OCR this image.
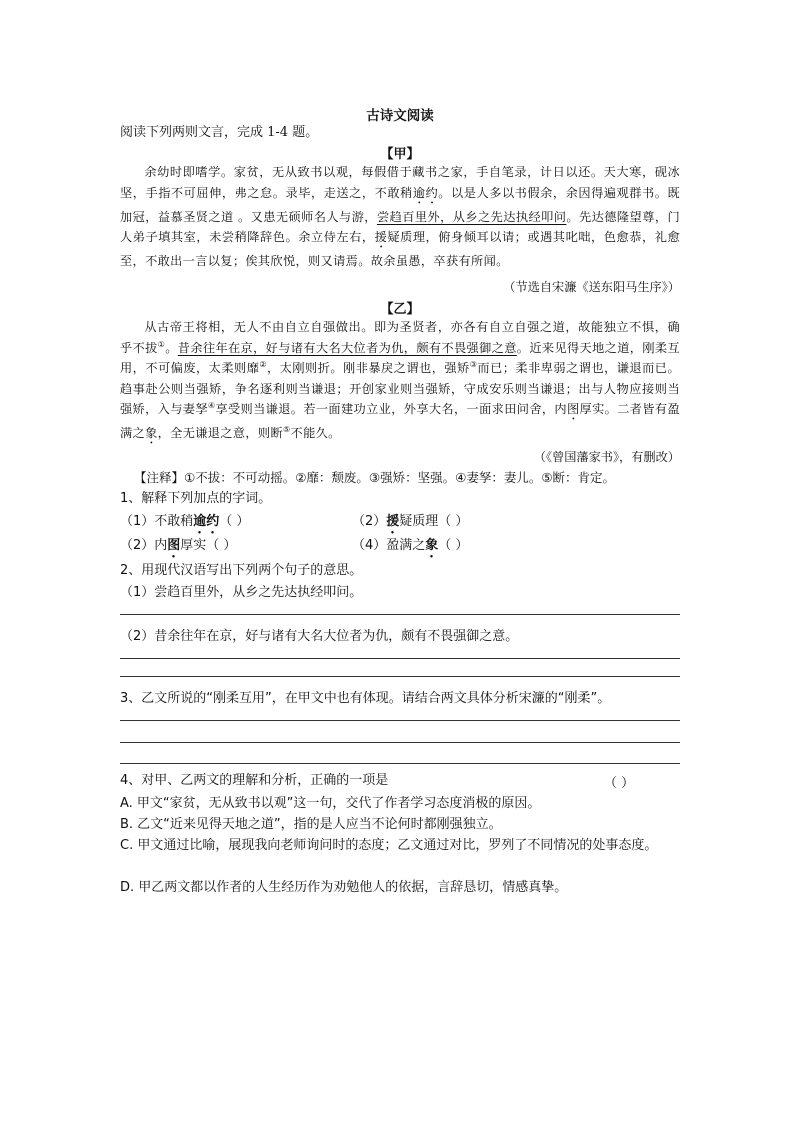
古诗文阅读
阅读下列两则文言，完成 1-4 题。
【甲】

余幼时即嗜学。家贫，无从致书以观，每假借于藏书之家，手自笔录，计日以还。天大寒，砚冰坚，手指不可屈伸，弗之怠。录毕，走送之，不敢稍逾约。以是人多以书假余，余因得遍观群书。既加冠，益慕圣贤之道 。又患无硕师名人与游，尝趋百里外，从乡之先达执经叩问。先达德隆望尊，门人弟子填其室，未尝稍降辞色。余立侍左右，援疑质理，俯身倾耳以请；或遇其叱咄，色愈恭，礼愈至，不敢出一言以复；俟其欣悦，则又请焉。故余虽愚，卒获有所闻。

（节选自宋濂《送东阳马生序》）
【乙】

从古帝王将相，无人不由自立自强做出。即为圣贤者，亦各有自立自强之道，故能独立不惧，确乎不拔①。昔余往年在京，好与诸有大名大位者为仇，颇有不畏强御之意。近来见得天地之道，刚柔互用，不可偏废，太柔则靡②，太刚则折。刚非暴戾之谓也，强矫③而已；柔非卑弱之谓也，谦退而已。趋事赴公则当强矫，争名逐利则当谦退；开创家业则当强矫，守成安乐则当谦退；出与人物应接则当强矫，入与妻孥④享受则当谦退。若一面建功立业，外享大名，一面求田问舍，内图厚实。二者皆有盈满之象，全无谦退之意，则断⑤不能久。

（《曾国藩家书》，有删改）
【注释】①不拔：不可动摇。②靡：颓废。③强矫：坚强。④妻孥：妻儿。⑤断：肯定。
1、解释下列加点的字词。
（1）不敢稍逾约（ ）	（2）援疑质理（ ）
（2）内图厚实（ ）	（4）盈满之象（ ）
2、用现代汉语写出下列两个句子的意思。
（1）尝趋百里外，从乡之先达执经叩问。
（2）昔余往年在京，好与诸有大名大位者为仇，颇有不畏强御之意。
3、乙文所说的“刚柔互用”，在甲文中也有体现。请结合两文具体分析宋濂的“刚柔”。
4、对甲、乙两文的理解和分析，正确的一项是	（ ）
A. 甲文“家贫，无从致书以观”这一句，交代了作者学习态度消极的原因。
B. 乙文“近来见得天地之道”，指的是人应当不论何时都刚强独立。
C. 甲文通过比喻，展现我向老师询问时的态度；乙文通过对比，罗列了不同情况的处事态度。
D. 甲乙两文都以作者的人生经历作为劝勉他人的依据，言辞恳切，情感真挚。
